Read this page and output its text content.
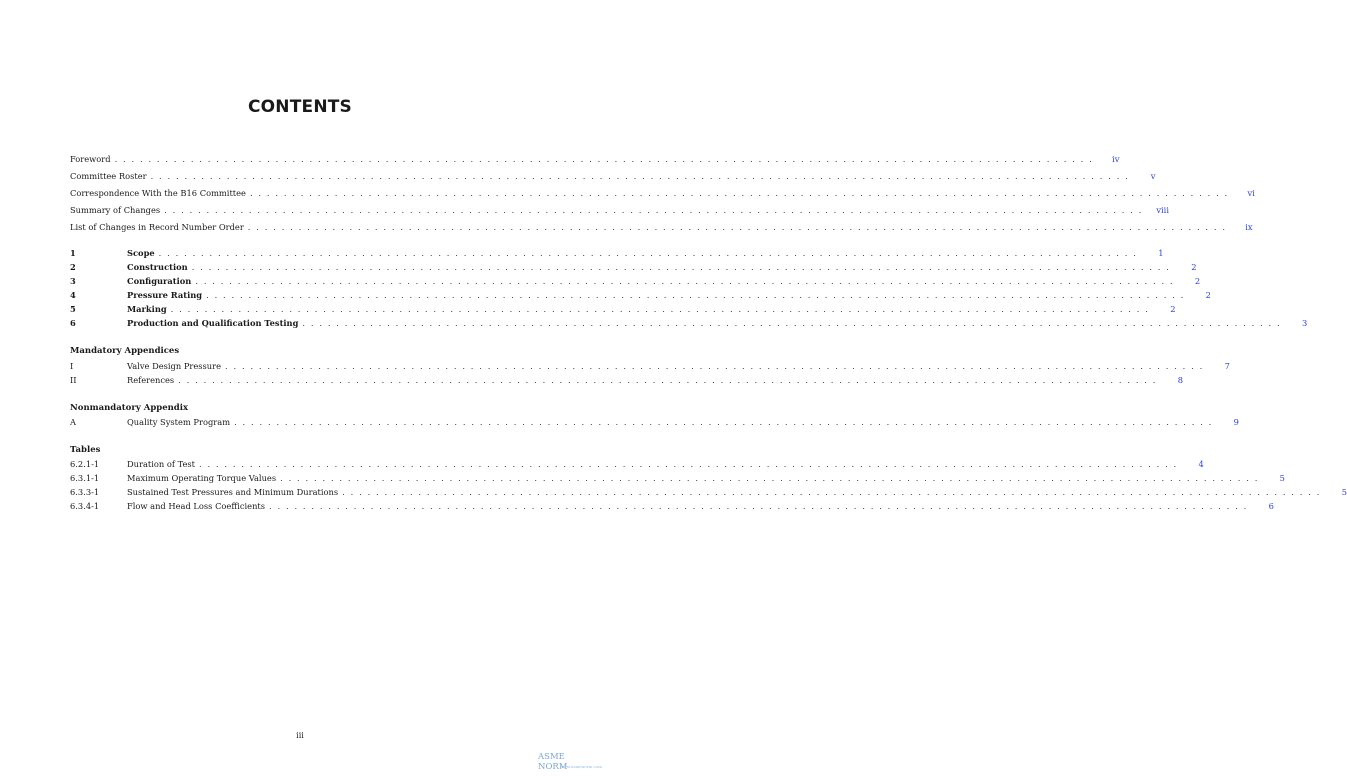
CONTENTS
Foreword . . . . . . . . . . . . . . . . . . . . . . . . . . . . . . . . . . . . . . . . . . . . . . . . . . . . . . . . . . . . . . . . . . . . . . . . . . . . . . . . . . . . . . . . . . . . . . . . . . . . . . . . . . . . . . . . . . . .	iv
Committee Roster . . . . . . . . . . . . . . . . . . . . . . . . . . . . . . . . . . . . . . . . . . . . . . . . . . . . . . . . . . . . . . . . . . . . . . . . . . . . . . . . . . . . . . . . . . . . . . . . . . . . . . . . . . . . . . . . . . . .	v
Correspondence With the B16 Committee . . . . . . . . . . . . . . . . . . . . . . . . . . . . . . . . . . . . . . . . . . . . . . . . . . . . . . . . . . . . . . . . . . . . . . . . . . . . . . . . . . . . . . . . . . . . . . . . . . . . . . . . . . . . . . . . . . . .	vi
Summary of Changes . . . . . . . . . . . . . . . . . . . . . . . . . . . . . . . . . . . . . . . . . . . . . . . . . . . . . . . . . . . . . . . . . . . . . . . . . . . . . . . . . . . . . . . . . . . . . . . . . . . . . . . . . . . . . . . . . . . .	viii
List of Changes in Record Number Order . . . . . . . . . . . . . . . . . . . . . . . . . . . . . . . . . . . . . . . . . . . . . . . . . . . . . . . . . . . . . . . . . . . . . . . . . . . . . . . . . . . . . . . . . . . . . . . . . . . . . . . . . . . . . . . . . . . .	ix
1	Scope . . . . . . . . . . . . . . . . . . . . . . . . . . . . . . . . . . . . . . . . . . . . . . . . . . . . . . . . . . . . . . . . . . . . . . . . . . . . . . . . . . . . . . . . . . . . . . . . . . . . . . . . . . . . . . . . . . . .	1
2	Construction . . . . . . . . . . . . . . . . . . . . . . . . . . . . . . . . . . . . . . . . . . . . . . . . . . . . . . . . . . . . . . . . . . . . . . . . . . . . . . . . . . . . . . . . . . . . . . . . . . . . . . . . . . . . . . . . . . . .	2
3	Configuration . . . . . . . . . . . . . . . . . . . . . . . . . . . . . . . . . . . . . . . . . . . . . . . . . . . . . . . . . . . . . . . . . . . . . . . . . . . . . . . . . . . . . . . . . . . . . . . . . . . . . . . . . . . . . . . . . . . .	2
4	Pressure Rating . . . . . . . . . . . . . . . . . . . . . . . . . . . . . . . . . . . . . . . . . . . . . . . . . . . . . . . . . . . . . . . . . . . . . . . . . . . . . . . . . . . . . . . . . . . . . . . . . . . . . . . . . . . . . . . . . . . .	2
5	Marking . . . . . . . . . . . . . . . . . . . . . . . . . . . . . . . . . . . . . . . . . . . . . . . . . . . . . . . . . . . . . . . . . . . . . . . . . . . . . . . . . . . . . . . . . . . . . . . . . . . . . . . . . . . . . . . . . . . .	2
6	Production and Qualification Testing . . . . . . . . . . . . . . . . . . . . . . . . . . . . . . . . . . . . . . . . . . . . . . . . . . . . . . . . . . . . . . . . . . . . . . . . . . . . . . . . . . . . . . . . . . . . . . . . . . . . . . . . . . . . . . . . . . . .	3
Mandatory Appendices
I	Valve Design Pressure . . . . . . . . . . . . . . . . . . . . . . . . . . . . . . . . . . . . . . . . . . . . . . . . . . . . . . . . . . . . . . . . . . . . . . . . . . . . . . . . . . . . . . . . . . . . . . . . . . . . . . . . . . . . . . . . . . . .	7
II	References . . . . . . . . . . . . . . . . . . . . . . . . . . . . . . . . . . . . . . . . . . . . . . . . . . . . . . . . . . . . . . . . . . . . . . . . . . . . . . . . . . . . . . . . . . . . . . . . . . . . . . . . . . . . . . . . . . . .	8
Nonmandatory Appendix
A	Quality System Program . . . . . . . . . . . . . . . . . . . . . . . . . . . . . . . . . . . . . . . . . . . . . . . . . . . . . . . . . . . . . . . . . . . . . . . . . . . . . . . . . . . . . . . . . . . . . . . . . . . . . . . . . . . . . . . . . . . .	9
Tables
6.2.1-1	Duration of Test . . . . . . . . . . . . . . . . . . . . . . . . . . . . . . . . . . . . . . . . . . . . . . . . . . . . . . . . . . . . . . . . . . . . . . . . . . . . . . . . . . . . . . . . . . . . . . . . . . . . . . . . . . . . . . . . . . . .	4
6.3.1-1	Maximum Operating Torque Values . . . . . . . . . . . . . . . . . . . . . . . . . . . . . . . . . . . . . . . . . . . . . . . . . . . . . . . . . . . . . . . . . . . . . . . . . . . . . . . . . . . . . . . . . . . . . . . . . . . . . . . . . . . . . . . . . . . .	5
6.3.3-1	Sustained Test Pressures and Minimum Durations . . . . . . . . . . . . . . . . . . . . . . . . . . . . . . . . . . . . . . . . . . . . . . . . . . . . . . . . . . . . . . . . . . . . . . . . . . . . . . . . . . . . . . . . . . . . . . . . . . . . . . . . . . . . . . . . . . . .	5
6.3.4-1	Flow and Head Loss Coefficients . . . . . . . . . . . . . . . . . . . . . . . . . . . . . . . . . . . . . . . . . . . . . . . . . . . . . . . . . . . . . . . . . . . . . . . . . . . . . . . . . . . . . . . . . . . . . . . . . . . . . . . . . . . . . . . . . . . .	6
iii
ASME NORM
www.asmenorm.com
